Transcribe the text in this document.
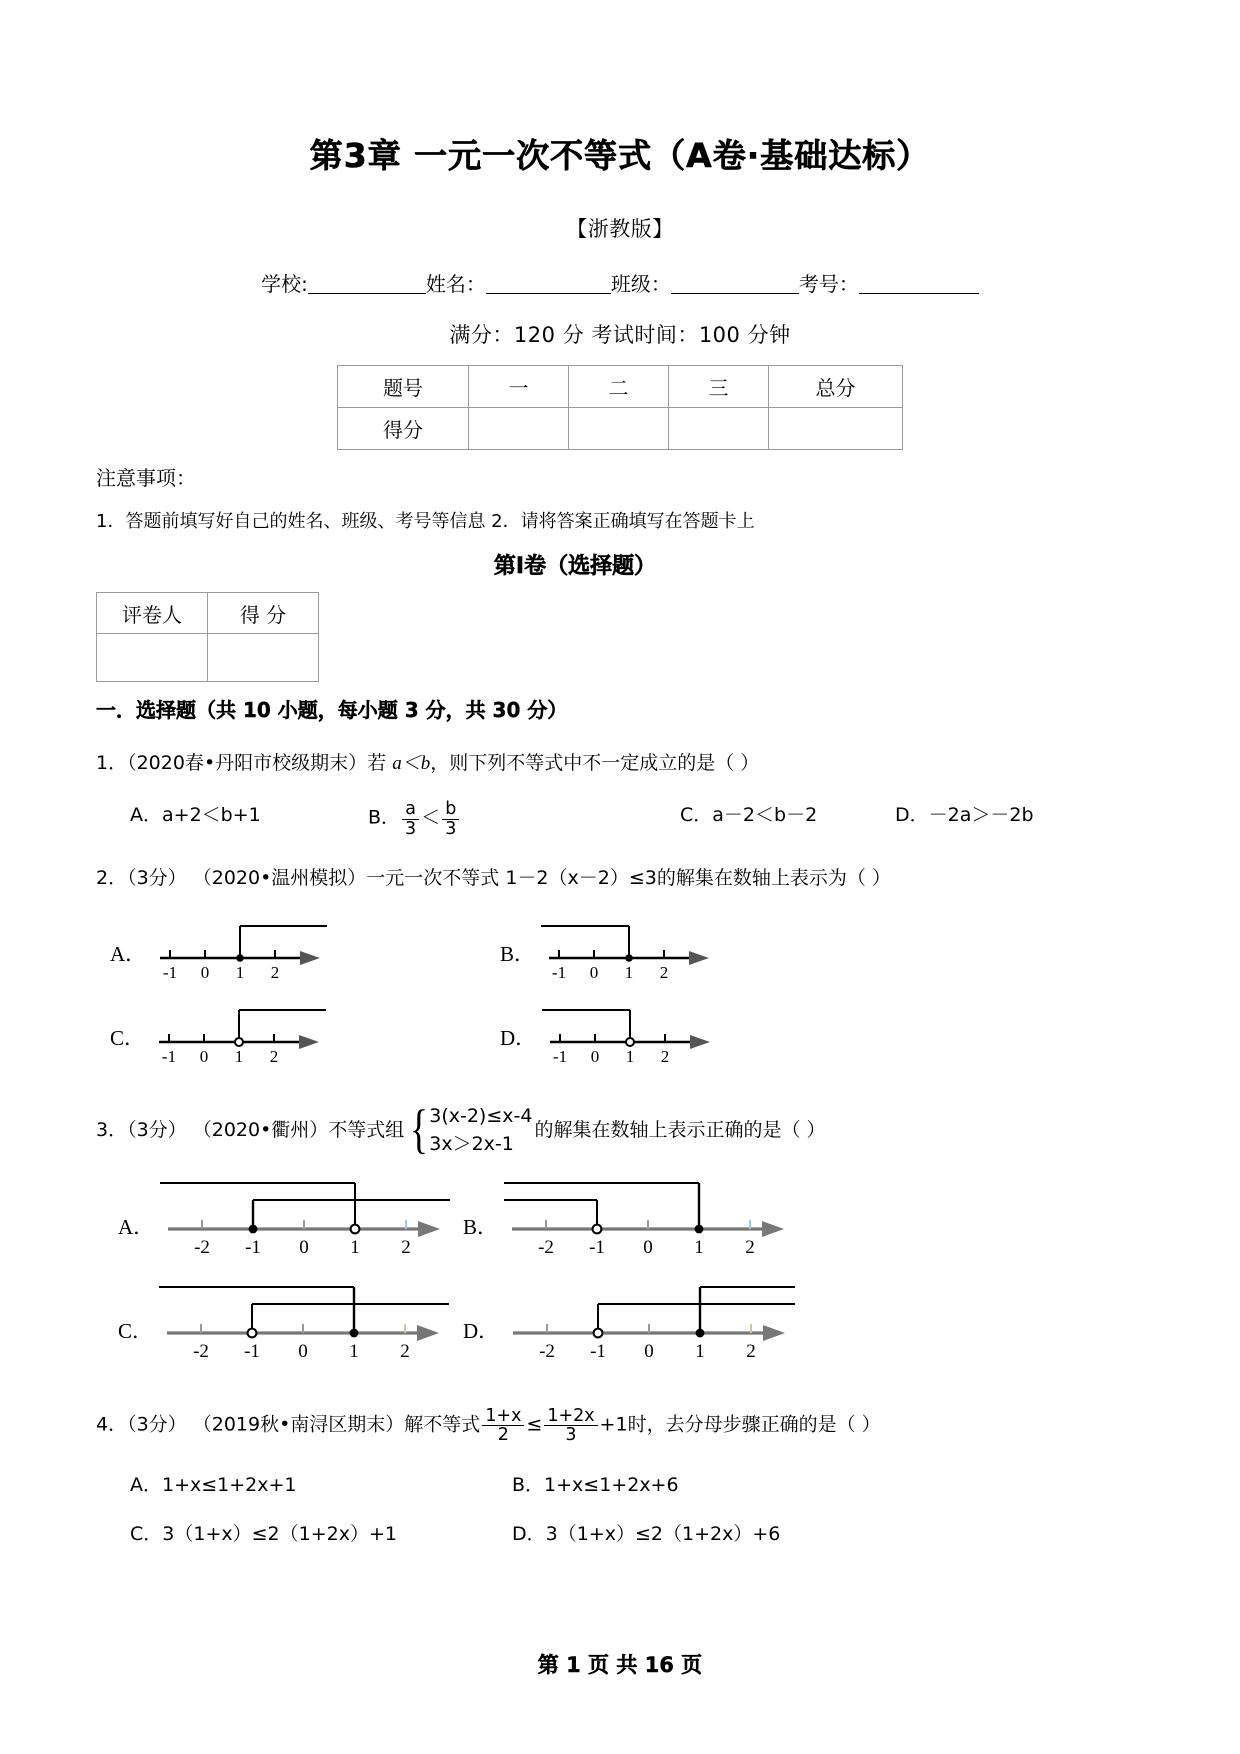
第3章 一元一次不等式（A卷·基础达标）
【浙教版】
学校:	姓名：	班级：	考号：
满分：120 分 考试时间：100 分钟
题号	一	二	三	总分
得分				
注意事项：
1．答题前填写好自己的姓名、班级、考号等信息 2．请将答案正确填写在答题卡上
第Ⅰ卷（选择题）
评卷人	得 分

一．选择题（共 10 小题，每小题 3 分，共 30 分）
1．（2020春•丹阳市校级期末）若 a＜b，则下列不等式中不一定成立的是（ ）
A．a+2＜b+1	B． $\frac{a}{3} < \frac{b}{3}$	C．a－2＜b－2	D．－2a＞－2b
2．（3分） （2020•温州模拟）一元一次不等式 1－2（x－2）≤3的解集在数轴上表示为（ ）
A．
-1 0 1 2
B．
-1 0 1 2
C．
-1 0 1 2
D．
-1 0 1 2
3．（3分） （2020•衢州）不等式组 { 3(x-2)≤x-4
3x＞2x-1
的解集在数轴上表示正确的是（ ）
A．
-2 -1 0 1 2
B．
-2 -1 0 1 2
C．
-2 -1 0 1 2
D．
-2 -1 0 1 2
4．（3分） （2019秋•南浔区期末）解不等式 $\frac{1+x}{2} \le \frac{1+2x}{3} +1$时，去分母步骤正确的是（ ）
A．1+x≤1+2x+1	B．1+x≤1+2x+6
C．3（1+x）≤2（1+2x）+1	D．3（1+x）≤2（1+2x）+6
第 1 页 共 16 页
